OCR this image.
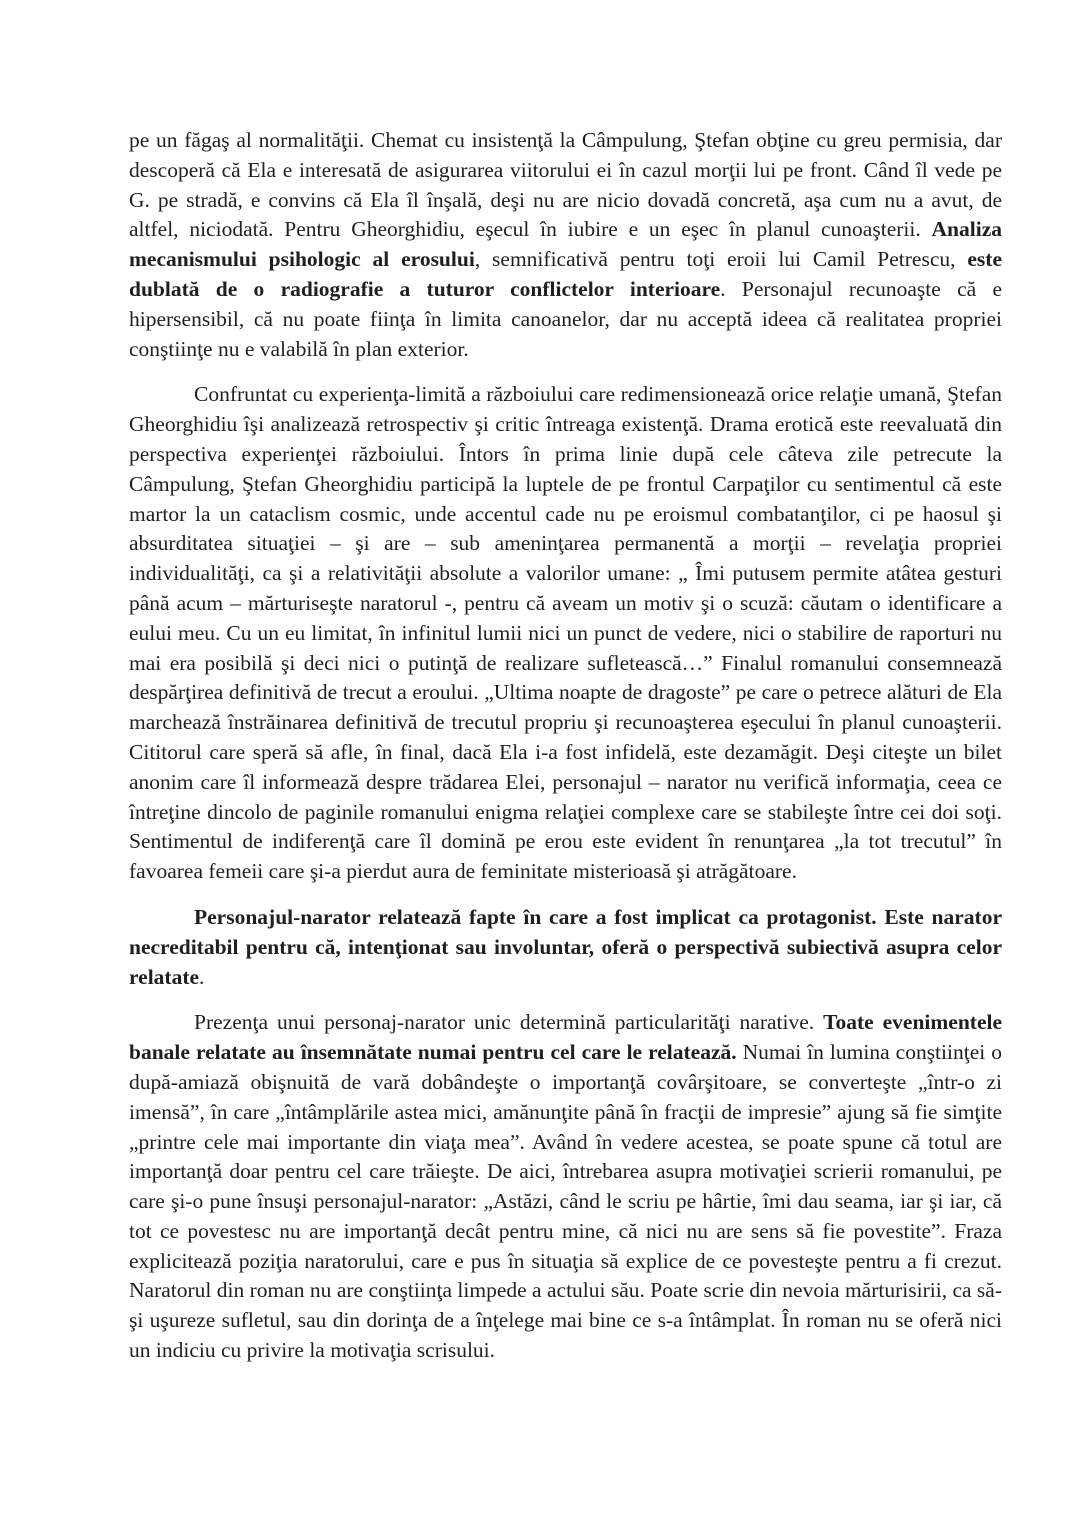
pe un făgaş al normalităţii. Chemat cu insistenţă la Câmpulung, Ştefan obţine cu greu permisia, dar descoperă că Ela e interesată de asigurarea viitorului ei în cazul morţii lui pe front. Când îl vede pe G. pe stradă, e convins că Ela îl înşală, deşi nu are nicio dovadă concretă, aşa cum nu a avut, de altfel, niciodată. Pentru Gheorghidiu, eşecul în iubire e un eşec în planul cunoaşterii. Analiza mecanismului psihologic al erosului, semnificativă pentru toţi eroii lui Camil Petrescu, este dublată de o radiografie a tuturor conflictelor interioare. Personajul recunoaşte că e hipersensibil, că nu poate fiinţa în limita canoanelor, dar nu acceptă ideea că realitatea propriei conştiinţe nu e valabilă în plan exterior.

Confruntat cu experienţa-limită a războiului care redimensionează orice relaţie umană, Ştefan Gheorghidiu îşi analizează retrospectiv şi critic întreaga existenţă. Drama erotică este reevaluată din perspectiva experienţei războiului. Întors în prima linie după cele câteva zile petrecute la Câmpulung, Ştefan Gheorghidiu participă la luptele de pe frontul Carpaţilor cu sentimentul că este martor la un cataclism cosmic, unde accentul cade nu pe eroismul combatanţilor, ci pe haosul şi absurditatea situaţiei – şi are – sub ameninţarea permanentă a morţii – revelaţia propriei individualităţi, ca şi a relativităţii absolute a valorilor umane: „ Îmi putusem permite atâtea gesturi până acum – mărturiseşte naratorul -, pentru că aveam un motiv şi o scuză: căutam o identificare a eului meu. Cu un eu limitat, în infinitul lumii nici un punct de vedere, nici o stabilire de raporturi nu mai era posibilă şi deci nici o putinţă de realizare sufletească…” Finalul romanului consemnează despărţirea definitivă de trecut a eroului. „Ultima noapte de dragoste” pe care o petrece alături de Ela marchează înstrăinarea definitivă de trecutul propriu şi recunoaşterea eşecului în planul cunoaşterii. Cititorul care speră să afle, în final, dacă Ela i-a fost infidelă, este dezamăgit. Deşi citeşte un bilet anonim care îl informează despre trădarea Elei, personajul – narator nu verifică informaţia, ceea ce întreţine dincolo de paginile romanului enigma relaţiei complexe care se stabileşte între cei doi soţi. Sentimentul de indiferenţă care îl domină pe erou este evident în renunţarea „la tot trecutul” în favoarea femeii care şi-a pierdut aura de feminitate misterioasă şi atrăgătoare.

Personajul-narator relatează fapte în care a fost implicat ca protagonist. Este narator necreditabil pentru că, intenţionat sau involuntar, oferă o perspectivă subiectivă asupra celor relatate.

Prezenţa unui personaj-narator unic determină particularităţi narative. Toate evenimentele banale relatate au însemnătate numai pentru cel care le relatează. Numai în lumina conştiinţei o după-amiază obişnuită de vară dobândeşte o importanţă covârşitoare, se converteşte „într-o zi imensă”, în care „întâmplările astea mici, amănunţite până în fracţii de impresie” ajung să fie simţite „printre cele mai importante din viaţa mea”. Având în vedere acestea, se poate spune că totul are importanţă doar pentru cel care trăieşte. De aici, întrebarea asupra motivaţiei scrierii romanului, pe care şi-o pune însuşi personajul-narator: „Astăzi, când le scriu pe hârtie, îmi dau seama, iar şi iar, că tot ce povestesc nu are importanţă decât pentru mine, că nici nu are sens să fie povestite”. Fraza explicitează poziţia naratorului, care e pus în situaţia să explice de ce povesteşte pentru a fi crezut. Naratorul din roman nu are conştiinţa limpede a actului său. Poate scrie din nevoia mărturisirii, ca să-şi uşureze sufletul, sau din dorinţa de a înţelege mai bine ce s-a întâmplat. În roman nu se oferă nici un indiciu cu privire la motivaţia scrisului.
